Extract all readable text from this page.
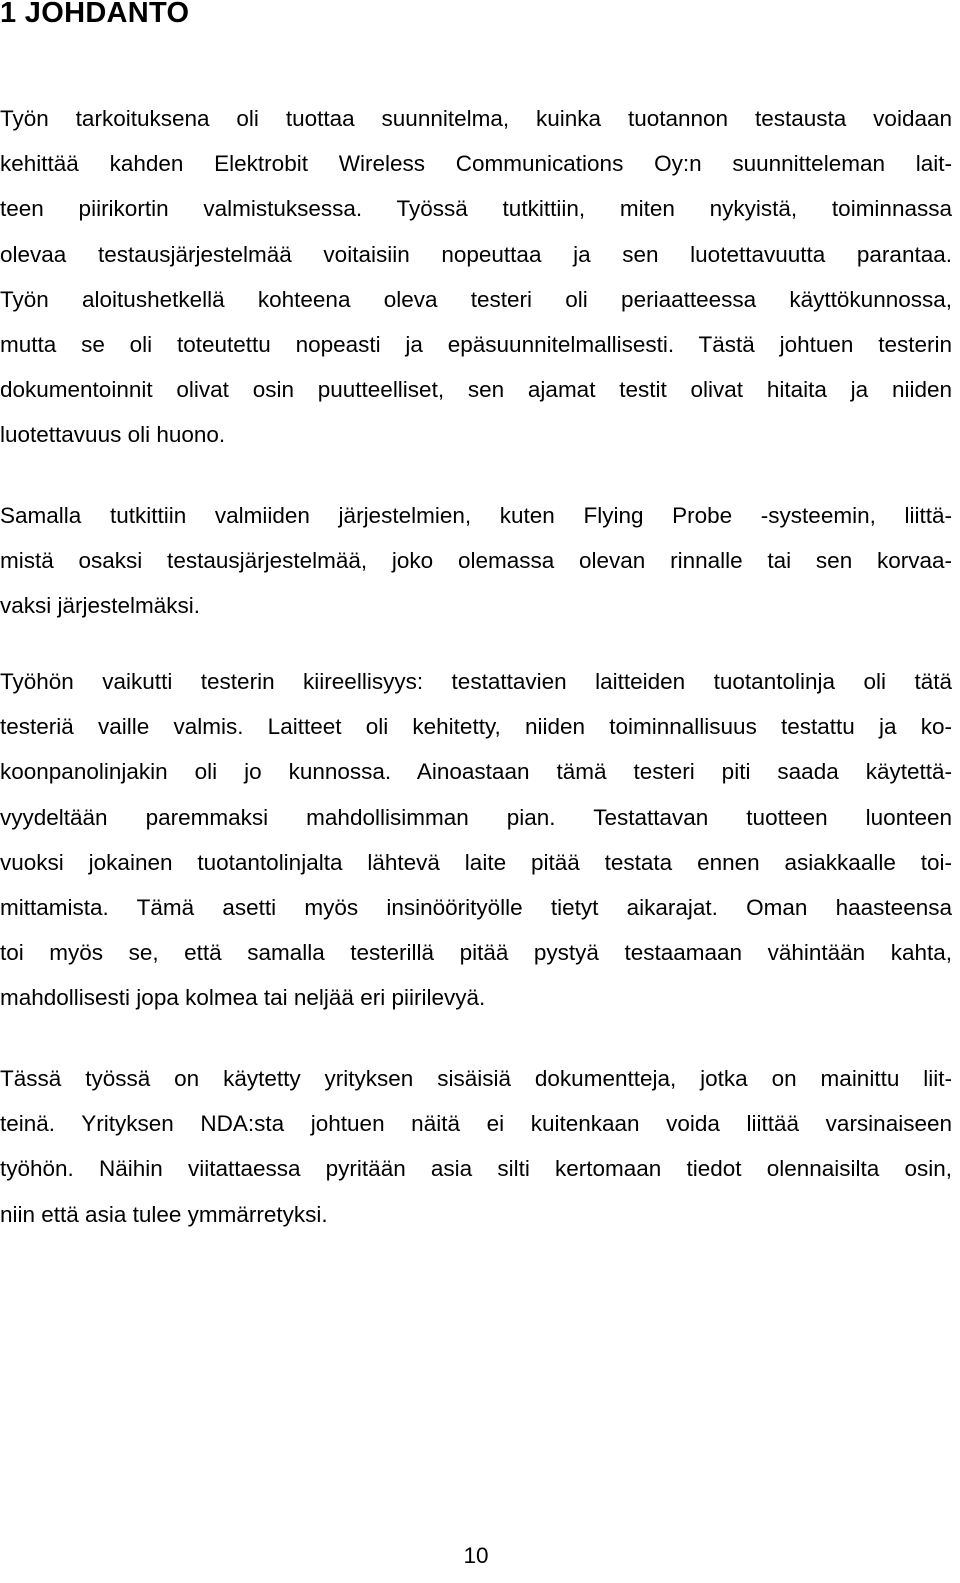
1 JOHDANTO
Työn tarkoituksena oli tuottaa suunnitelma, kuinka tuotannon testausta voidaan
kehittää kahden Elektrobit Wireless Communications Oy:n suunnitteleman lait-
teen piirikortin valmistuksessa. Työssä tutkittiin, miten nykyistä, toiminnassa
olevaa testausjärjestelmää voitaisiin nopeuttaa ja sen luotettavuutta parantaa.
Työn aloitushetkellä kohteena oleva testeri oli periaatteessa käyttökunnossa,
mutta se oli toteutettu nopeasti ja epäsuunnitelmallisesti. Tästä johtuen testerin
dokumentoinnit olivat osin puutteelliset, sen ajamat testit olivat hitaita ja niiden
luotettavuus oli huono.
Samalla tutkittiin valmiiden järjestelmien, kuten Flying Probe -systeemin, liittä-
mistä osaksi testausjärjestelmää, joko olemassa olevan rinnalle tai sen korvaa-
vaksi järjestelmäksi.
Työhön vaikutti testerin kiireellisyys: testattavien laitteiden tuotantolinja oli tätä
testeriä vaille valmis. Laitteet oli kehitetty, niiden toiminnallisuus testattu ja ko-
koonpanolinjakin oli jo kunnossa. Ainoastaan tämä testeri piti saada käytettä-
vyydeltään paremmaksi mahdollisimman pian. Testattavan tuotteen luonteen
vuoksi jokainen tuotantolinjalta lähtevä laite pitää testata ennen asiakkaalle toi-
mittamista. Tämä asetti myös insinöörityölle tietyt aikarajat. Oman haasteensa
toi myös se, että samalla testerillä pitää pystyä testaamaan vähintään kahta,
mahdollisesti jopa kolmea tai neljää eri piirilevyä.
Tässä työssä on käytetty yrityksen sisäisiä dokumentteja, jotka on mainittu liit-
teinä. Yrityksen NDA:sta johtuen näitä ei kuitenkaan voida liittää varsinaiseen
työhön. Näihin viitattaessa pyritään asia silti kertomaan tiedot olennaisilta osin,
niin että asia tulee ymmärretyksi.
10
